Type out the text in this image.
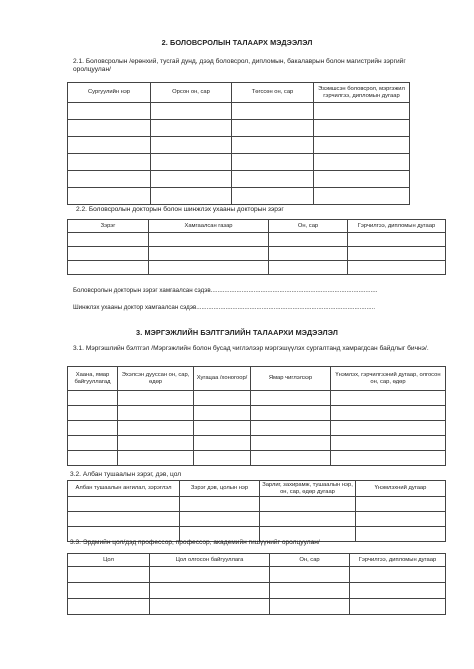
2. БОЛОВСРОЛЫН ТАЛААРХ МЭДЭЭЛЭЛ
2.1. Боловсролын /ерөнхий, тусгай дунд, дээд боловсрол, дипломын, бакалаврын болон магистрийн зэргийг оролцуулан/
Сургуулийн нэр	Орсон он, сар	Төгссөн он, сар	Эзэмшсэн боловсрол, мэргэжил гэрчилгээ, дипломын дугаар

2.2. Боловсролын докторын болон шинжлэх ухааны докторын зэрэг
Зэрэг	Хамгаалсан газар	Он, сар	Гэрчилгээ, дипломын дугаар

Боловсролын докторын зэрэг хамгаалсан сэдэв.................................................................................................
Шинжлэх ухааны доктор хамгаалсан сэдэв........................................................................................................
3. МЭРГЭЖЛИЙН БЭЛТГЭЛИЙН ТАЛААРХИ МЭДЭЭЛЭЛ
3.1. Мэргэшлийн бэлтгэл /Мэргэжлийн болон бусад чиглэлээр мэргэшүүлэх сургалтанд хамрагдсан байдлыг бичнэ/.
Хаана, ямар байгууллагад	Эхэлсэн дуусcан он, сар, өдөр	Хугацаа /хоногоор/	Ямар чиглэлээр	Үнэмлэх, гэрчилгээний дугаар, олгосон он, сар, өдөр

3.2. Албан тушаалын зэрэг, дэв, цол
Албан тушаалын ангилал, зэрэглэл	Зэрэг дэв, цолын нэр	Зарлиг, захирамж, тушаалын нэр, он, сар, өдөр дугаар	Үнэмлэхний дугаар

3.3. Эрдмийн цол/дэд профессор, профессор, академийн гишүүнийг оролцуулан/
Цол	Цол олгосон байгууллага	Он, сар	Гэрчилгээ, дипломын дугаар
